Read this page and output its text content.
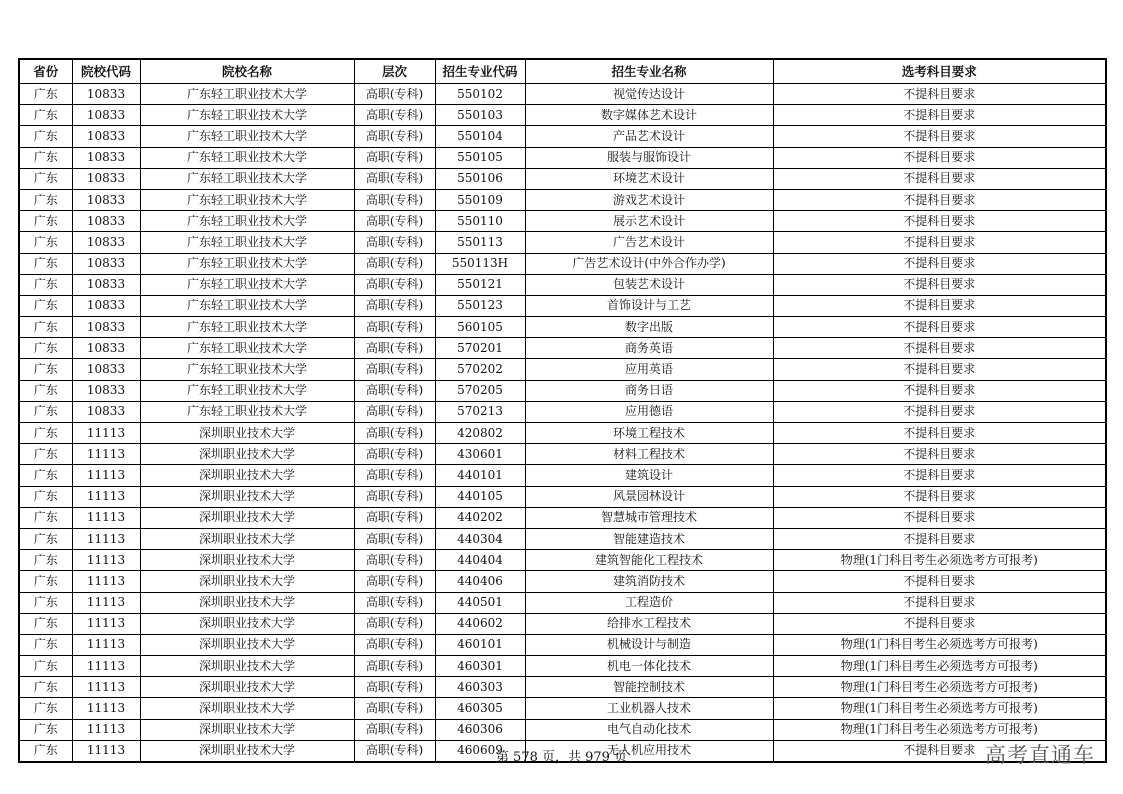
省份	院校代码	院校名称	层次	招生专业代码	招生专业名称	选考科目要求
广东	10833	广东轻工职业技术大学	高职(专科)	550102	视觉传达设计	不提科目要求
广东	10833	广东轻工职业技术大学	高职(专科)	550103	数字媒体艺术设计	不提科目要求
广东	10833	广东轻工职业技术大学	高职(专科)	550104	产品艺术设计	不提科目要求
广东	10833	广东轻工职业技术大学	高职(专科)	550105	服装与服饰设计	不提科目要求
广东	10833	广东轻工职业技术大学	高职(专科)	550106	环境艺术设计	不提科目要求
广东	10833	广东轻工职业技术大学	高职(专科)	550109	游戏艺术设计	不提科目要求
广东	10833	广东轻工职业技术大学	高职(专科)	550110	展示艺术设计	不提科目要求
广东	10833	广东轻工职业技术大学	高职(专科)	550113	广告艺术设计	不提科目要求
广东	10833	广东轻工职业技术大学	高职(专科)	550113H	广告艺术设计(中外合作办学)	不提科目要求
广东	10833	广东轻工职业技术大学	高职(专科)	550121	包装艺术设计	不提科目要求
广东	10833	广东轻工职业技术大学	高职(专科)	550123	首饰设计与工艺	不提科目要求
广东	10833	广东轻工职业技术大学	高职(专科)	560105	数字出版	不提科目要求
广东	10833	广东轻工职业技术大学	高职(专科)	570201	商务英语	不提科目要求
广东	10833	广东轻工职业技术大学	高职(专科)	570202	应用英语	不提科目要求
广东	10833	广东轻工职业技术大学	高职(专科)	570205	商务日语	不提科目要求
广东	10833	广东轻工职业技术大学	高职(专科)	570213	应用德语	不提科目要求
广东	11113	深圳职业技术大学	高职(专科)	420802	环境工程技术	不提科目要求
广东	11113	深圳职业技术大学	高职(专科)	430601	材料工程技术	不提科目要求
广东	11113	深圳职业技术大学	高职(专科)	440101	建筑设计	不提科目要求
广东	11113	深圳职业技术大学	高职(专科)	440105	风景园林设计	不提科目要求
广东	11113	深圳职业技术大学	高职(专科)	440202	智慧城市管理技术	不提科目要求
广东	11113	深圳职业技术大学	高职(专科)	440304	智能建造技术	不提科目要求
广东	11113	深圳职业技术大学	高职(专科)	440404	建筑智能化工程技术	物理(1门科目考生必须选考方可报考)
广东	11113	深圳职业技术大学	高职(专科)	440406	建筑消防技术	不提科目要求
广东	11113	深圳职业技术大学	高职(专科)	440501	工程造价	不提科目要求
广东	11113	深圳职业技术大学	高职(专科)	440602	给排水工程技术	不提科目要求
广东	11113	深圳职业技术大学	高职(专科)	460101	机械设计与制造	物理(1门科目考生必须选考方可报考)
广东	11113	深圳职业技术大学	高职(专科)	460301	机电一体化技术	物理(1门科目考生必须选考方可报考)
广东	11113	深圳职业技术大学	高职(专科)	460303	智能控制技术	物理(1门科目考生必须选考方可报考)
广东	11113	深圳职业技术大学	高职(专科)	460305	工业机器人技术	物理(1门科目考生必须选考方可报考)
广东	11113	深圳职业技术大学	高职(专科)	460306	电气自动化技术	物理(1门科目考生必须选考方可报考)
广东	11113	深圳职业技术大学	高职(专科)	460609	无人机应用技术	不提科目要求
第 578 页，共 979 页	高考直通车
